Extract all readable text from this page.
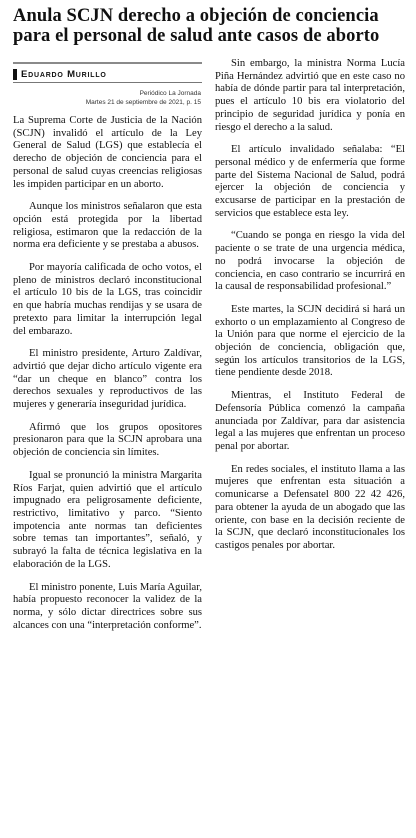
Anula SCJN derecho a objeción de conciencia para el personal de salud ante casos de aborto
Eduardo Murillo
Periódico La Jornada
Martes 21 de septiembre de 2021, p. 15

La Suprema Corte de Justicia de la Nación (SCJN) invalidó el artículo de la Ley General de Salud (LGS) que establecía el derecho de objeción de conciencia para el personal de salud cuyas creencias religiosas les impiden participar en un aborto.

Aunque los ministros señalaron que esta opción está protegida por la libertad religiosa, estimaron que la redacción de la norma era deficiente y se prestaba a abusos.

Por mayoría calificada de ocho votos, el pleno de ministros declaró inconstitucional el artículo 10 bis de la LGS, tras coincidir en que habría muchas rendijas y se usara de pretexto para limitar la interrupción legal del embarazo.

El ministro presidente, Arturo Zaldívar, advirtió que dejar dicho artículo vigente era “dar un cheque en blanco” contra los derechos sexuales y reproductivos de las mujeres y generaría inseguridad jurídica.

Afirmó que los grupos opositores presionaron para que la SCJN aprobara una objeción de conciencia sin límites.

Igual se pronunció la ministra Margarita Ríos Farjat, quien advirtió que el artículo impugnado era peligrosamente deficiente, restrictivo, limitativo y parco. “Siento impotencia ante normas tan deficientes sobre temas tan importantes”, señaló, y subrayó la falta de técnica legislativa en la elaboración de la LGS.

El ministro ponente, Luis María Aguilar, había propuesto reconocer la validez de la norma, y sólo dictar directrices sobre sus alcances con una “interpretación conforme”.

Sin embargo, la ministra Norma Lucía Piña Hernández advirtió que en este caso no había de dónde partir para tal interpretación, pues el artículo 10 bis era violatorio del principio de seguridad jurídica y ponía en riesgo el derecho a la salud.

El artículo invalidado señalaba: “El personal médico y de enfermería que forme parte del Sistema Nacional de Salud, podrá ejercer la objeción de conciencia y excusarse de participar en la prestación de servicios que establece esta ley.

“Cuando se ponga en riesgo la vida del paciente o se trate de una urgencia médica, no podrá invocarse la objeción de conciencia, en caso contrario se incurrirá en la causal de responsabilidad profesional.”

Este martes, la SCJN decidirá si hará un exhorto o un emplazamiento al Congreso de la Unión para que norme el ejercicio de la objeción de conciencia, obligación que, según los artículos transitorios de la LGS, tiene pendiente desde 2018.

Mientras, el Instituto Federal de Defensoría Pública comenzó la campaña anunciada por Zaldívar, para dar asistencia legal a las mujeres que enfrentan un proceso penal por abortar.

En redes sociales, el instituto llama a las mujeres que enfrentan esta situación a comunicarse a Defensatel 800 22 42 426, para obtener la ayuda de un abogado que las oriente, con base en la decisión reciente de la SCJN, que declaró inconstitucionales los castigos penales por abortar.
